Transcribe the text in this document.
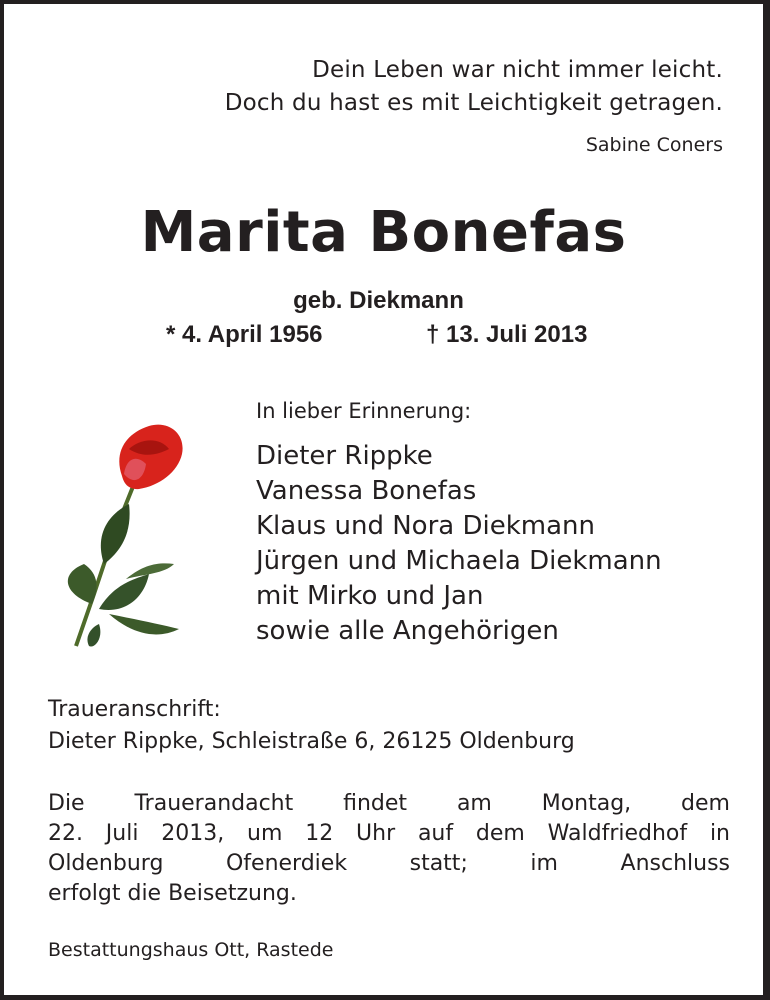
Dein Leben war nicht immer leicht.
Doch du hast es mit Leichtigkeit getragen.
Sabine Coners
Marita Bonefas
geb. Diekmann
* 4. April 1956	† 13. Juli 2013
In lieber Erinnerung:
Dieter Rippke
Vanessa Bonefas
Klaus und Nora Diekmann
Jürgen und Michaela Diekmann
mit Mirko und Jan
sowie alle Angehörigen
Traueranschrift:
Dieter Rippke, Schleistraße 6, 26125 Oldenburg
Die Trauerandacht findet am Montag, dem
22. Juli 2013, um 12 Uhr auf dem Waldfriedhof in
Oldenburg Ofenerdiek statt; im Anschluss
erfolgt die Beisetzung.
Bestattungshaus Ott, Rastede
